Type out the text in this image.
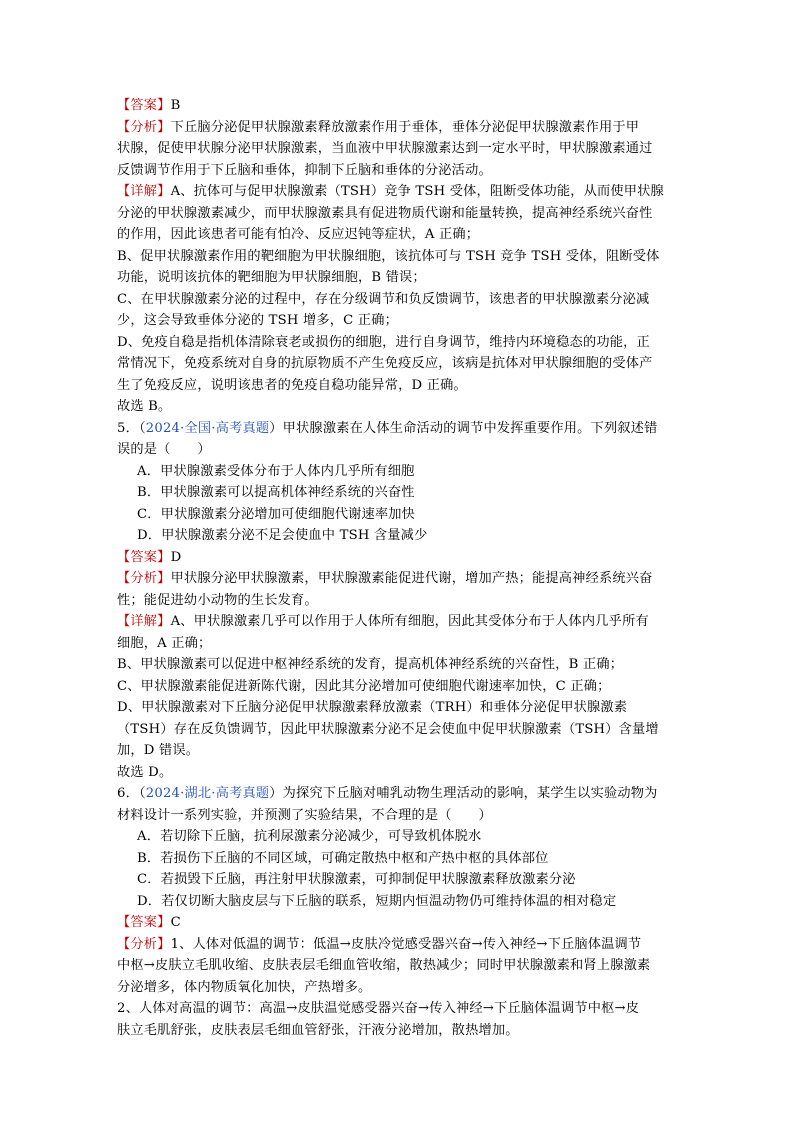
【答案】B
【分析】下丘脑分泌促甲状腺激素释放激素作用于垂体，垂体分泌促甲状腺激素作用于甲
状腺，促使甲状腺分泌甲状腺激素，当血液中甲状腺激素达到一定水平时，甲状腺激素通过
反馈调节作用于下丘脑和垂体，抑制下丘脑和垂体的分泌活动。
【详解】A、抗体可与促甲状腺激素（TSH）竞争 TSH 受体，阻断受体功能，从而使甲状腺
分泌的甲状腺激素减少，而甲状腺激素具有促进物质代谢和能量转换，提高神经系统兴奋性
的作用，因此该患者可能有怕冷、反应迟钝等症状，A 正确；
B、促甲状腺激素作用的靶细胞为甲状腺细胞，该抗体可与 TSH 竞争 TSH 受体，阻断受体
功能，说明该抗体的靶细胞为甲状腺细胞，B 错误；
C、在甲状腺激素分泌的过程中，存在分级调节和负反馈调节，该患者的甲状腺激素分泌减
少，这会导致垂体分泌的 TSH 增多，C 正确；
D、免疫自稳是指机体清除衰老或损伤的细胞，进行自身调节，维持内环境稳态的功能，正
常情况下，免疫系统对自身的抗原物质不产生免疫反应，该病是抗体对甲状腺细胞的受体产
生了免疫反应，说明该患者的免疫自稳功能异常，D 正确。
故选 B。
5．（2024·全国·高考真题）甲状腺激素在人体生命活动的调节中发挥重要作用。下列叙述错
误的是（　　）
A．甲状腺激素受体分布于人体内几乎所有细胞
B．甲状腺激素可以提高机体神经系统的兴奋性
C．甲状腺激素分泌增加可使细胞代谢速率加快
D．甲状腺激素分泌不足会使血中 TSH 含量减少
【答案】D
【分析】甲状腺分泌甲状腺激素，甲状腺激素能促进代谢，增加产热；能提高神经系统兴奋
性；能促进幼小动物的生长发育。
【详解】A、甲状腺激素几乎可以作用于人体所有细胞，因此其受体分布于人体内几乎所有
细胞，A 正确；
B、甲状腺激素可以促进中枢神经系统的发育，提高机体神经系统的兴奋性，B 正确；
C、甲状腺激素能促进新陈代谢，因此其分泌增加可使细胞代谢速率加快，C 正确；
D、甲状腺激素对下丘脑分泌促甲状腺激素释放激素（TRH）和垂体分泌促甲状腺激素
（TSH）存在反负馈调节，因此甲状腺激素分泌不足会使血中促甲状腺激素（TSH）含量增
加，D 错误。
故选 D。
6．（2024·湖北·高考真题）为探究下丘脑对哺乳动物生理活动的影响，某学生以实验动物为
材料设计一系列实验，并预测了实验结果，不合理的是（　　）
A．若切除下丘脑，抗利尿激素分泌减少，可导致机体脱水
B．若损伤下丘脑的不同区域，可确定散热中枢和产热中枢的具体部位
C．若损毁下丘脑，再注射甲状腺激素，可抑制促甲状腺激素释放激素分泌
D．若仅切断大脑皮层与下丘脑的联系，短期内恒温动物仍可维持体温的相对稳定
【答案】C
【分析】1、人体对低温的调节：低温→皮肤冷觉感受器兴奋→传入神经→下丘脑体温调节
中枢→皮肤立毛肌收缩、皮肤表层毛细血管收缩，散热减少；同时甲状腺激素和肾上腺激素
分泌增多，体内物质氧化加快，产热增多。
2、人体对高温的调节：高温→皮肤温觉感受器兴奋→传入神经→下丘脑体温调节中枢→皮
肤立毛肌舒张，皮肤表层毛细血管舒张，汗液分泌增加，散热增加。
